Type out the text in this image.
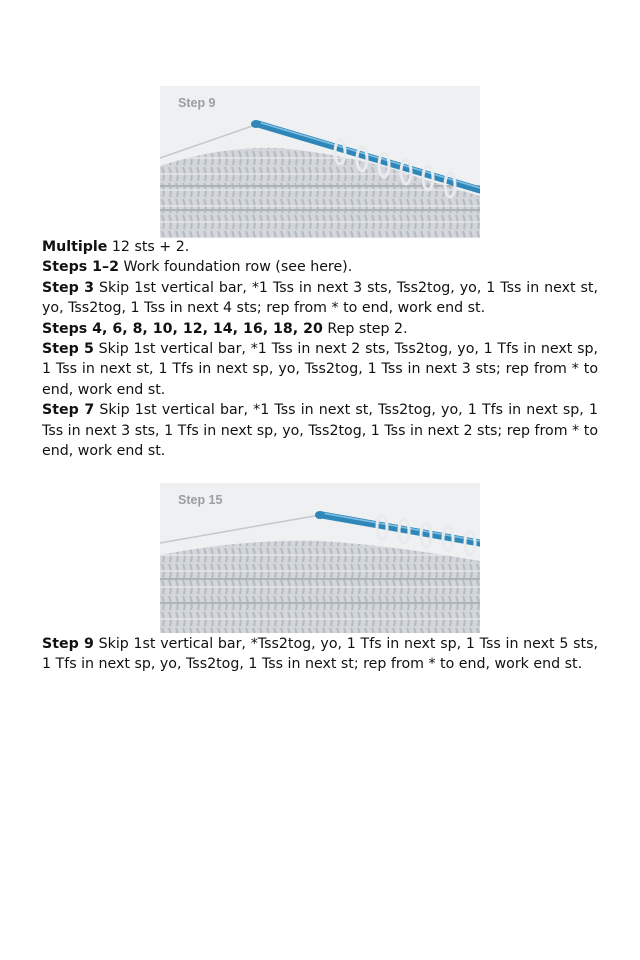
Step 9

Multiple 12 sts + 2.

Steps 1–2 Work foundation row (see here).

Step 3 Skip 1st vertical bar, *1 Tss in next 3 sts, Tss2tog, yo, 1 Tss in next st, yo, Tss2tog, 1 Tss in next 4 sts; rep from * to end, work end st.

Steps 4, 6, 8, 10, 12, 14, 16, 18, 20 Rep step 2.

Step 5 Skip 1st vertical bar, *1 Tss in next 2 sts, Tss2tog, yo, 1 Tfs in next sp, 1 Tss in next st, 1 Tfs in next sp, yo, Tss2tog, 1 Tss in next 3 sts; rep from * to end, work end st.

Step 7 Skip 1st vertical bar, *1 Tss in next st, Tss2tog, yo, 1 Tfs in next sp, 1 Tss in next 3 sts, 1 Tfs in next sp, yo, Tss2tog, 1 Tss in next 2 sts; rep from * to end, work end st.

Step 15

Step 9 Skip 1st vertical bar, *Tss2tog, yo, 1 Tfs in next sp, 1 Tss in next 5 sts, 1 Tfs in next sp, yo, Tss2tog, 1 Tss in next st; rep from * to end, work end st.
